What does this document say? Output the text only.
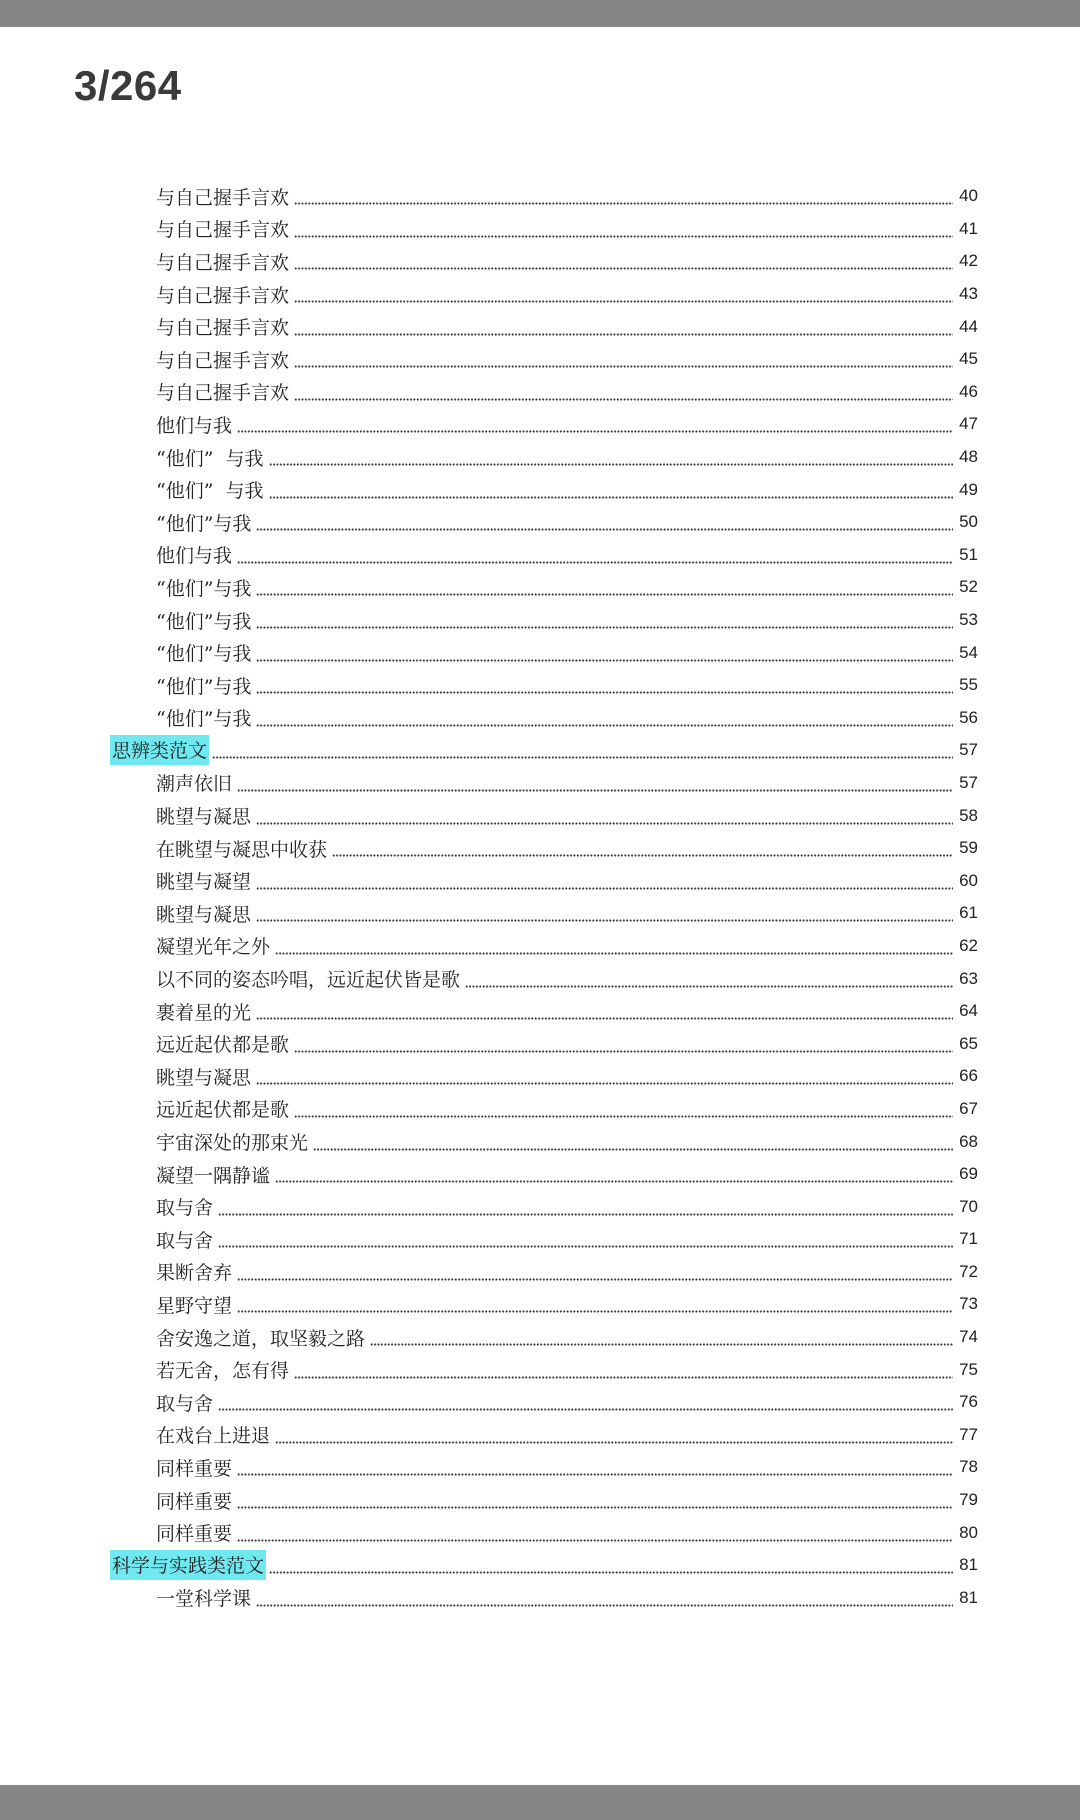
3/264
与自己握手言欢	40
与自己握手言欢	41
与自己握手言欢	42
与自己握手言欢	43
与自己握手言欢	44
与自己握手言欢	45
与自己握手言欢	46
他们与我	47
“他们”  与我	48
“他们”  与我	49
“他们”与我	50
他们与我	51
“他们”与我	52
“他们”与我	53
“他们”与我	54
“他们”与我	55
“他们”与我	56
思辨类范文	57
潮声依旧	57
眺望与凝思	58
在眺望与凝思中收获	59
眺望与凝望	60
眺望与凝思	61
凝望光年之外	62
以不同的姿态吟唱，远近起伏皆是歌	63
裹着星的光	64
远近起伏都是歌	65
眺望与凝思	66
远近起伏都是歌	67
宇宙深处的那束光	68
凝望一隅静谧	69
取与舍	70
取与舍	71
果断舍弃	72
星野守望	73
舍安逸之道，取坚毅之路	74
若无舍，怎有得	75
取与舍	76
在戏台上进退	77
同样重要	78
同样重要	79
同样重要	80
科学与实践类范文	81
一堂科学课	81
